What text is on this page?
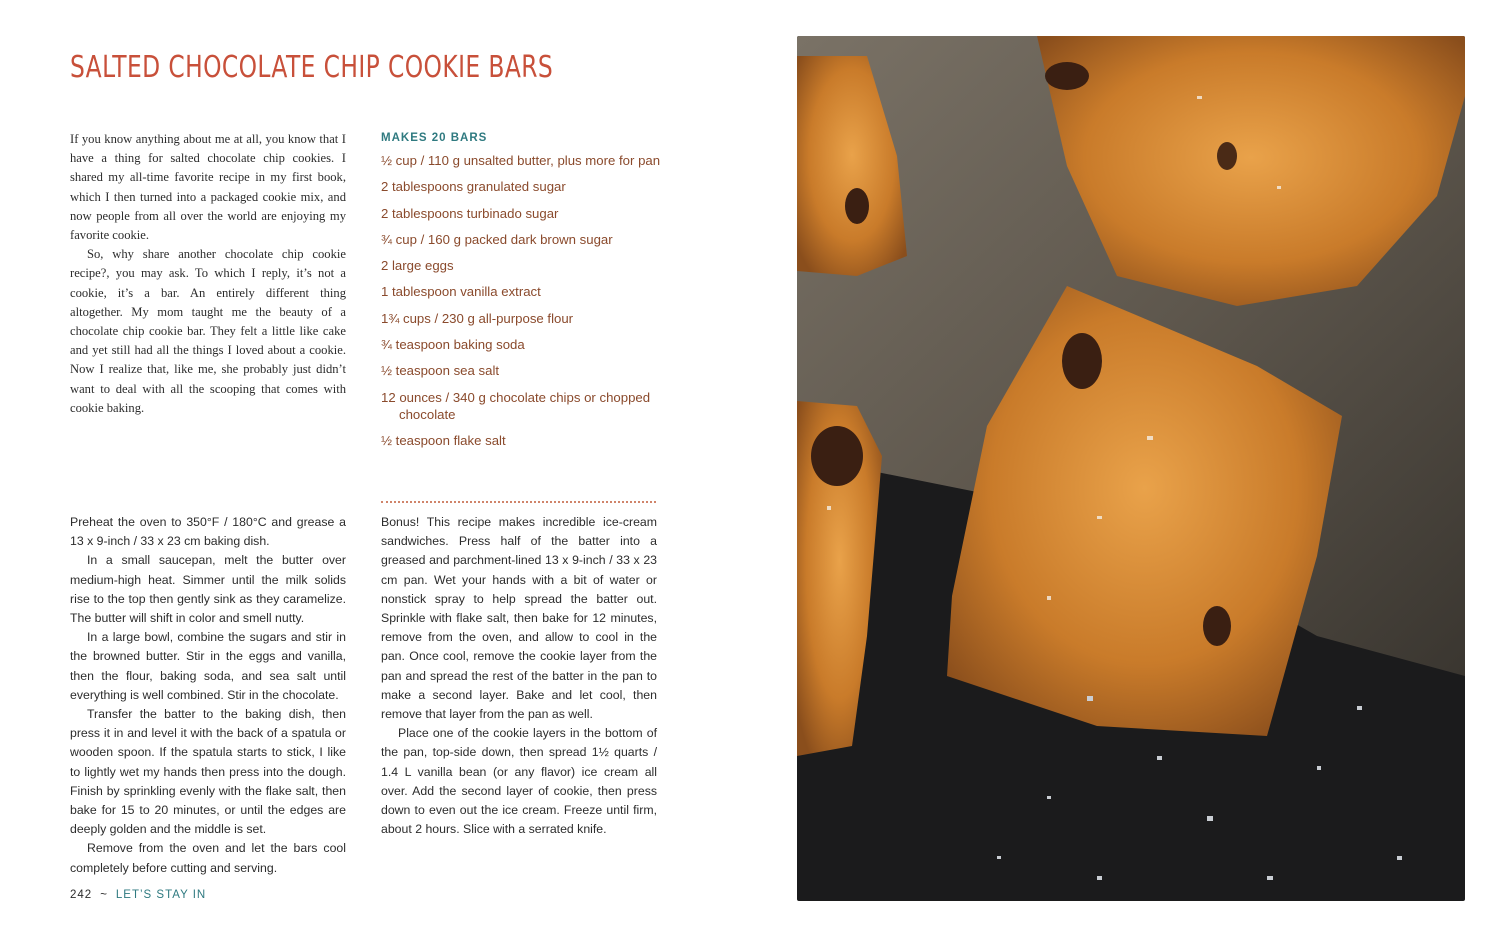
SALTED CHOCOLATE CHIP COOKIE BARS

If you know anything about me at all, you know that I have a thing for salted chocolate chip cookies. I shared my all-time favorite recipe in my first book, which I then turned into a packaged cookie mix, and now people from all over the world are enjoying my favorite cookie.

So, why share another chocolate chip cookie recipe?, you may ask. To which I reply, it’s not a cookie, it’s a bar. An entirely different thing altogether. My mom taught me the beauty of a chocolate chip cookie bar. They felt a little like cake and yet still had all the things I loved about a cookie. Now I realize that, like me, she probably just didn’t want to deal with all the scooping that comes with cookie baking.

MAKES 20 BARS

½ cup / 110 g unsalted butter, plus more for pan
2 tablespoons granulated sugar
2 tablespoons turbinado sugar
¾ cup / 160 g packed dark brown sugar
2 large eggs
1 tablespoon vanilla extract
1¾ cups / 230 g all-purpose flour
¾ teaspoon baking soda
½ teaspoon sea salt
12 ounces / 340 g chocolate chips or chopped chocolate
½ teaspoon flake salt

Preheat the oven to 350°F / 180°C and grease a 13 x 9-inch / 33 x 23 cm baking dish.

In a small saucepan, melt the butter over medium-high heat. Simmer until the milk solids rise to the top then gently sink as they caramelize. The butter will shift in color and smell nutty.

In a large bowl, combine the sugars and stir in the browned butter. Stir in the eggs and vanilla, then the flour, baking soda, and sea salt until everything is well combined. Stir in the chocolate.

Transfer the batter to the baking dish, then press it in and level it with the back of a spatula or wooden spoon. If the spatula starts to stick, I like to lightly wet my hands then press into the dough. Finish by sprinkling evenly with the flake salt, then bake for 15 to 20 minutes, or until the edges are deeply golden and the middle is set.

Remove from the oven and let the bars cool completely before cutting and serving.

Bonus! This recipe makes incredible ice-cream sandwiches. Press half of the batter into a greased and parchment-lined 13 x 9-inch / 33 x 23 cm pan. Wet your hands with a bit of water or nonstick spray to help spread the batter out. Sprinkle with flake salt, then bake for 12 minutes, remove from the oven, and allow to cool in the pan. Once cool, remove the cookie layer from the pan and spread the rest of the batter in the pan to make a second layer. Bake and let cool, then remove that layer from the pan as well.

Place one of the cookie layers in the bottom of the pan, top-side down, then spread 1½ quarts / 1.4 L vanilla bean (or any flavor) ice cream all over. Add the second layer of cookie, then press down to even out the ice cream. Freeze until firm, about 2 hours. Slice with a serrated knife.

242 ~ LET’S STAY IN
